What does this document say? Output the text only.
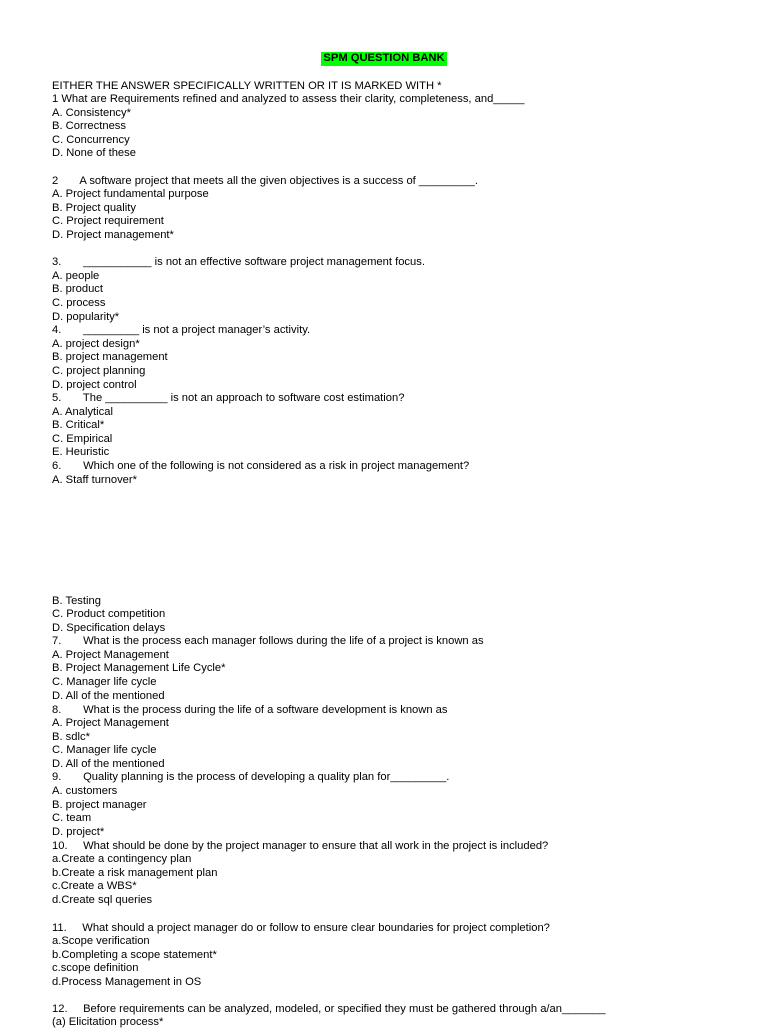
SPM QUESTION BANK
EITHER THE ANSWER SPECIFICALLY WRITTEN OR IT IS MARKED WITH *
1 What are Requirements refined and analyzed to assess their clarity, completeness, and_____
A. Consistency*
B. Correctness
C. Concurrency
D. None of these
2       A software project that meets all the given objectives is a success of _________.
A. Project fundamental purpose
B. Project quality
C. Project requirement
D. Project management*
3.       ___________ is not an effective software project management focus.
A. people
B. product
C. process
D. popularity*
4.       _________ is not a project manager’s activity.
A. project design*
B. project management
C. project planning
D. project control
5.       The __________ is not an approach to software cost estimation?
A. Analytical
B. Critical*
C. Empirical
E. Heuristic
6.       Which one of the following is not considered as a risk in project management?
A. Staff turnover*
B. Testing
C. Product competition
D. Specification delays
7.       What is the process each manager follows during the life of a project is known as
A. Project Management
B. Project Management Life Cycle*
C. Manager life cycle
D. All of the mentioned
8.       What is the process during the life of a software development is known as
A. Project Management
B. sdlc*
C. Manager life cycle
D. All of the mentioned
9.       Quality planning is the process of developing a quality plan for_________.
A. customers
B. project manager
C. team
D. project*
10.     What should be done by the project manager to ensure that all work in the project is included?
a.Create a contingency plan
b.Create a risk management plan
c.Create a WBS*
d.Create sql queries
11.     What should a project manager do or follow to ensure clear boundaries for project completion?
a.Scope verification
b.Completing a scope statement*
c.scope definition
d.Process Management in OS
12.     Before requirements can be analyzed, modeled, or specified they must be gathered through a/an_______
(a) Elicitation process*
